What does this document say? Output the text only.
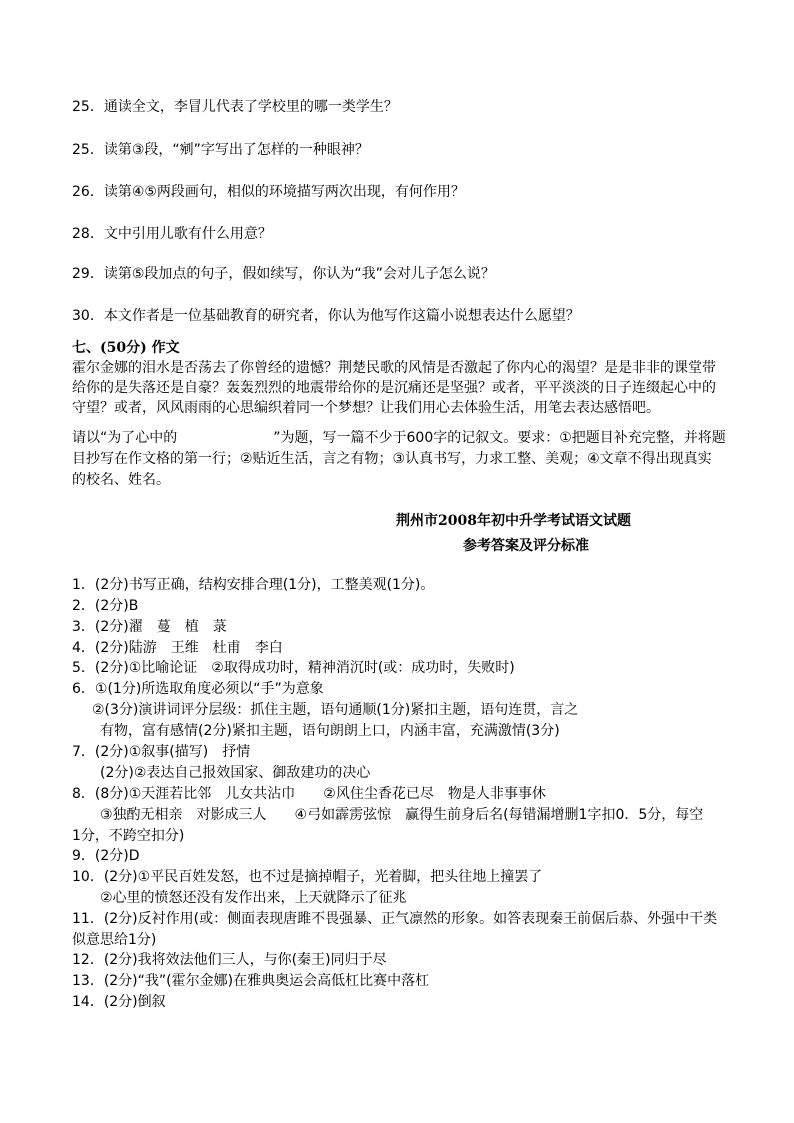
25．通读全文，李冒儿代表了学校里的哪一类学生？
25．读第③段，“剜”字写出了怎样的一种眼神？
26．读第④⑤两段画句，相似的环境描写两次出现，有何作用？
28．文中引用儿歌有什么用意？
29．读第⑤段加点的句子，假如续写，你认为“我”会对儿子怎么说？
30．本文作者是一位基础教育的研究者，你认为他写作这篇小说想表达什么愿望？
七、(50分) 作文
霍尔金娜的泪水是否荡去了你曾经的遗憾？荆楚民歌的风情是否激起了你内心的渴望？是是非非的课堂带
给你的是失落还是自豪？轰轰烈烈的地震带给你的是沉痛还是坚强？或者，平平淡淡的日子连缀起心中的
守望？或者，风风雨雨的心思编织着同一个梦想？让我们用心去体验生活，用笔去表达感悟吧。
请以“为了心中的	”为题，写一篇不少于600字的记叙文。要求：①把题目补充完整，并将题
目抄写在作文格的第一行；②贴近生活，言之有物；③认真书写，力求工整、美观；④文章不得出现真实
的校名、姓名。
荆州市2008年初中升学考试语文试题
参考答案及评分标准
1．(2分)书写正确，结构安排合理(1分)，工整美观(1分)。
2．(2分)B
3．(2分)濯　蔓　植　菉
4．(2分)陆游　王维　杜甫　李白
5．(2分)①比喻论证　②取得成功时，精神消沉时(或：成功时，失败时)
6．①(1分)所选取角度必须以“手”为意象
②(3分)演讲词评分层级：抓住主题，语句通顺(1分)紧扣主题，语句连贯，言之
有物，富有感情(2分)紧扣主题，语句朗朗上口，内涵丰富，充满激情(3分)
7．(2分)①叙事(描写)　抒情
(2分)②表达自己报效国家、御敌建功的决心
8．(8分)①天涯若比邻　儿女共沾巾　　②风住尘香花已尽　物是人非事事休
③独酌无相亲　对影成三人　　④弓如霹雳弦惊　赢得生前身后名(每错漏增删1字扣0．5分，每空
1分，不跨空扣分)
9．(2分)D
10．(2分)①平民百姓发怒，也不过是摘掉帽子，光着脚，把头往地上撞罢了
②心里的愤怒还没有发作出来，上天就降示了征兆
11．(2分)反衬作用(或：侧面表现唐雎不畏强暴、正气凛然的形象。如答表现秦王前倨后恭、外强中干类
似意思给1分)
12．(2分)我将效法他们三人，与你(秦王)同归于尽
13．(2分)“我”(霍尔金娜)在雅典奥运会高低杠比赛中落杠
14．(2分)倒叙
